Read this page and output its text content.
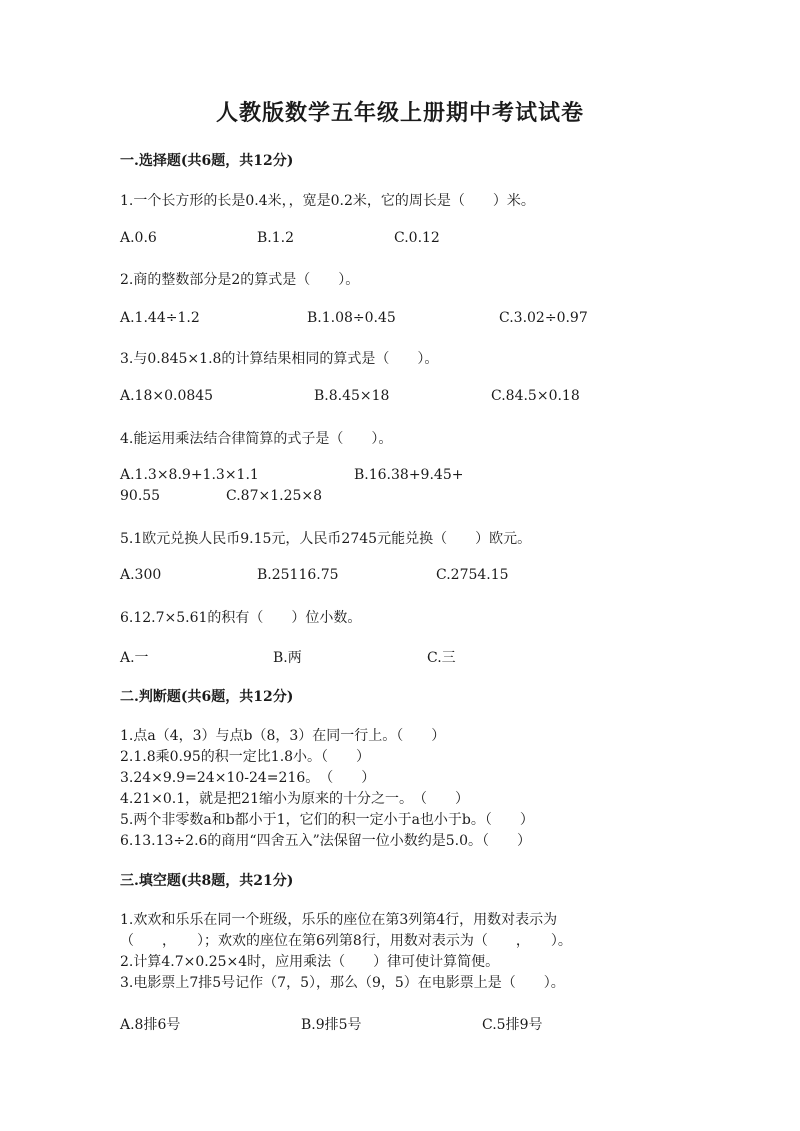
人教版数学五年级上册期中考试试卷
一.选择题(共6题，共12分)
1.一个长方形的长是0.4米，，宽是0.2米，它的周长是（　　）米。
A.0.6	B.1.2	C.0.12
2.商的整数部分是2的算式是（　　）。
A.1.44÷1.2	B.1.08÷0.45	C.3.02÷0.97
3.与0.845×1.8的计算结果相同的算式是（　　）。
A.18×0.0845	B.8.45×18	C.84.5×0.18
4.能运用乘法结合律简算的式子是（　　）。
A.1.3×8.9+1.3×1.1	B.16.38+9.45+
90.55	C.87×1.25×8
5.1欧元兑换人民币9.15元，人民币2745元能兑换（　　）欧元。
A.300	B.25116.75	C.2754.15
6.12.7×5.61的积有（　　）位小数。
A.一	B.两	C.三
二.判断题(共6题，共12分)
1.点a（4，3）与点b（8，3）在同一行上。（　　）
2.1.8乘0.95的积一定比1.8小。（　　）
3.24×9.9=24×10-24=216。　（　　）
4.21×0.1，就是把21缩小为原来的十分之一。　（　　）
5.两个非零数a和b都小于1，它们的积一定小于a也小于b。（　　）
6.13.13÷2.6的商用“四舍五入”法保留一位小数约是5.0。（　　）
三.填空题(共8题，共21分)
1.欢欢和乐乐在同一个班级，乐乐的座位在第3列第4行，用数对表示为
（　　，　　）；欢欢的座位在第6列第8行，用数对表示为（　　，　　）。
2.计算4.7×0.25×4时，应用乘法（　　）律可使计算简便。
3.电影票上7排5号记作（7，5），那么（9，5）在电影票上是（　　）。
A.8排6号	B.9排5号	C.5排9号
